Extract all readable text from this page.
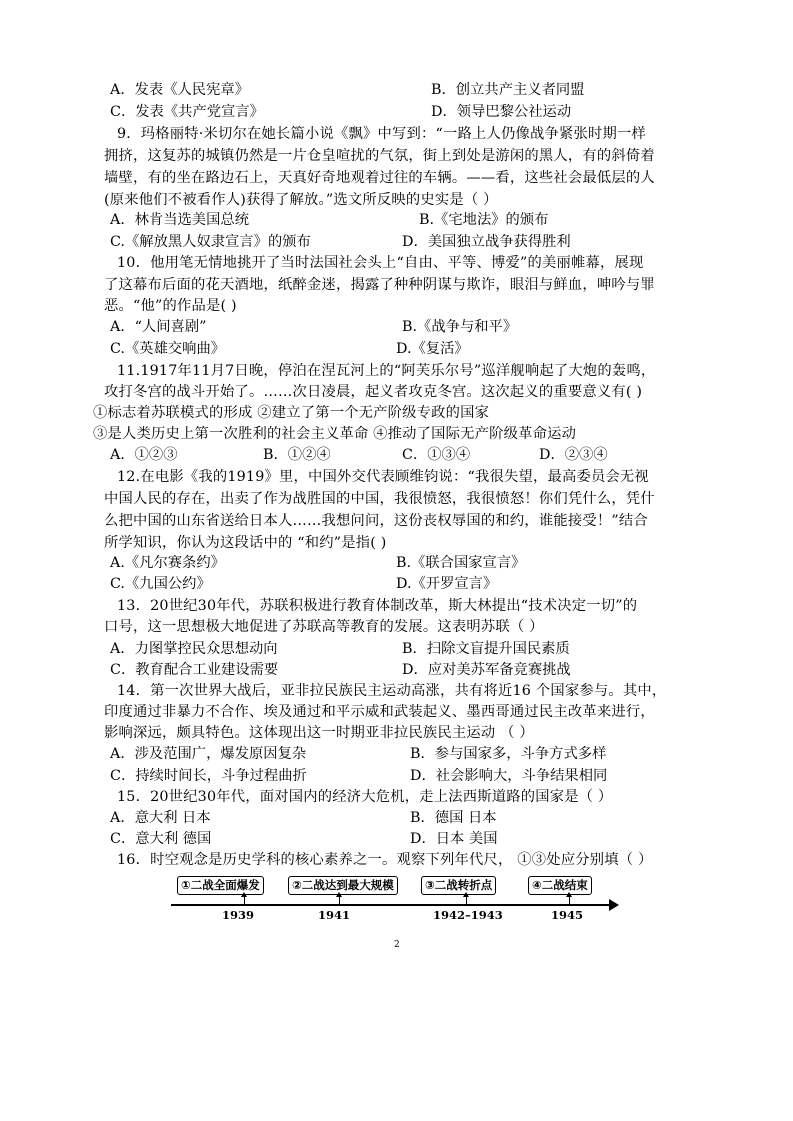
A．发表《人民宪章》	B．创立共产主义者同盟
C．发表《共产党宣言》	D．领导巴黎公社运动
9．玛格丽特·米切尔在她长篇小说《飘》中写到：“一路上人仍像战争紧张时期一样
拥挤，这复苏的城镇仍然是一片仓皇喧扰的气氛，街上到处是游闲的黑人，有的斜倚着
墙壁，有的坐在路边石上，天真好奇地观着过往的车辆。——看，这些社会最低层的人
(原来他们不被看作人)获得了解放。”选文所反映的史实是（ ）
A．林肯当选美国总统	B.《宅地法》的颁布
C.《解放黑人奴隶宣言》的颁布	D．美国独立战争获得胜利
10．他用笔无情地挑开了当时法国社会头上“自由、平等、博爱”的美丽帷幕，展现
了这幕布后面的花天酒地，纸醉金迷，揭露了种种阴谋与欺诈，眼泪与鲜血，呻吟与罪
恶。“他”的作品是( )
A．“人间喜剧”	B.《战争与和平》
C.《英雄交响曲》	D.《复活》
11.1917年11月7日晚，停泊在涅瓦河上的“阿芙乐尔号”巡洋舰响起了大炮的轰鸣，
攻打冬宫的战斗开始了。……次日凌晨，起义者攻克冬宫。这次起义的重要意义有( )
①标志着苏联模式的形成 ②建立了第一个无产阶级专政的国家
③是人类历史上第一次胜利的社会主义革命 ④推动了国际无产阶级革命运动
A．①②③	B．①②④	C．①③④	D．②③④
12.在电影《我的1919》里，中国外交代表顾维钧说：“我很失望，最高委员会无视
中国人民的存在，出卖了作为战胜国的中国，我很愤怒，我很愤怒！你们凭什么，凭什
么把中国的山东省送给日本人……我想问问，这份丧权辱国的和约，谁能接受！”结合
所学知识，你认为这段话中的 “和约”是指( )
A.《凡尔赛条约》	B.《联合国家宣言》
C.《九国公约》	D.《开罗宣言》
13．20世纪30年代，苏联积极进行教育体制改革，斯大林提出“技术决定一切”的
口号，这一思想极大地促进了苏联高等教育的发展。这表明苏联（ ）
A．力图掌控民众思想动向	B．扫除文盲提升国民素质
C．教育配合工业建设需要	D．应对美苏军备竞赛挑战
14．第一次世界大战后，亚非拉民族民主运动高涨，共有将近16 个国家参与。其中，
印度通过非暴力不合作、埃及通过和平示威和武装起义、墨西哥通过民主改革来进行，
影响深远，颇具特色。这体现出这一时期亚非拉民族民主运动 （ ）
A．涉及范围广，爆发原因复杂	B．参与国家多，斗争方式多样
C．持续时间长，斗争过程曲折	D．社会影响大，斗争结果相同
15．20世纪30年代，面对国内的经济大危机，走上法西斯道路的国家是（ ）
A．意大利 日本	B．德国 日本
C．意大利 德国	D．日本 美国
16．时空观念是历史学科的核心素养之一。观察下列年代尺， ①③处应分别填（ ）
①二战全面爆发	②二战达到最大规模	③二战转折点	④二战结束
1939	1941	1942–1943	1945
2
